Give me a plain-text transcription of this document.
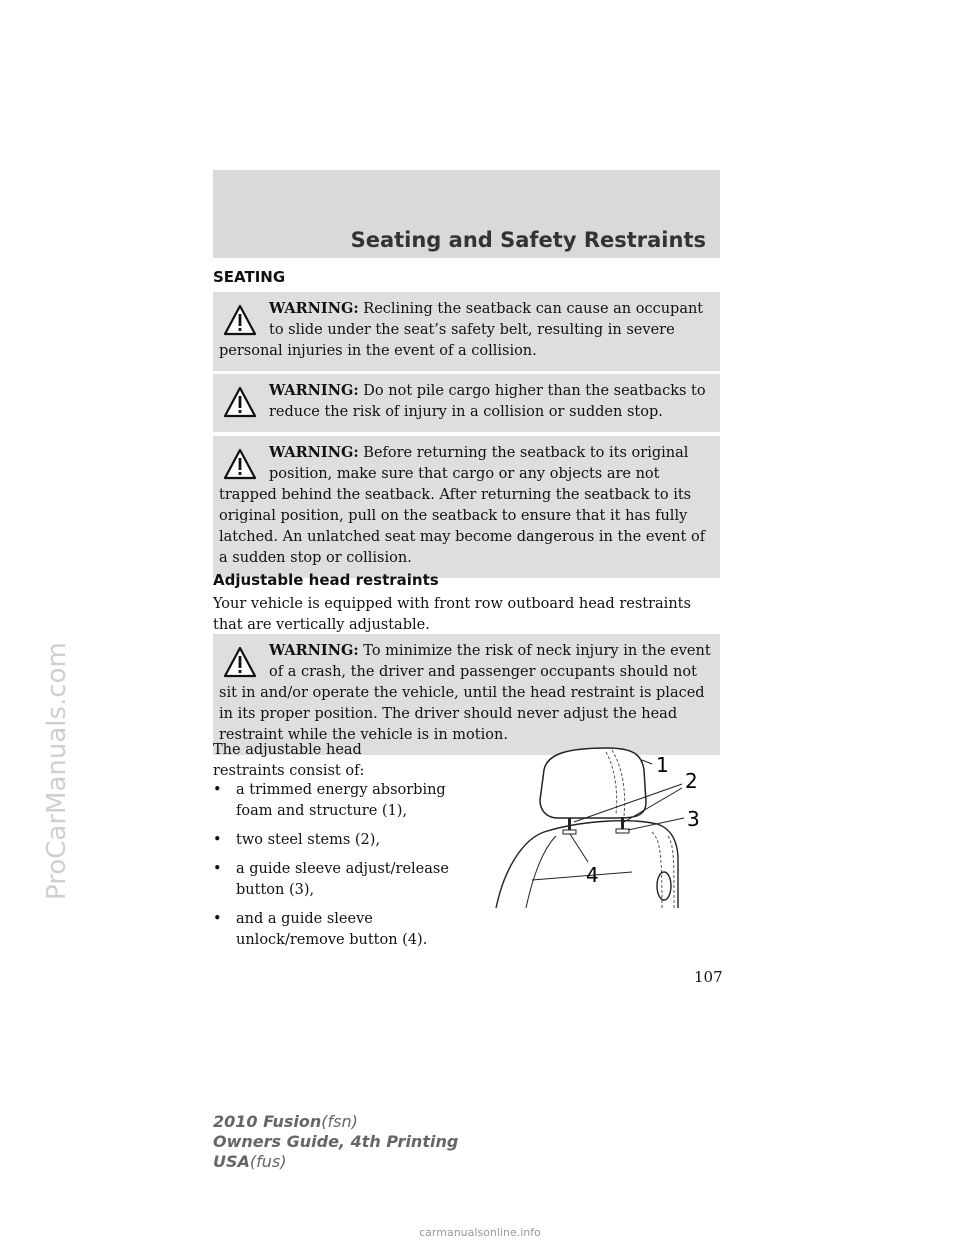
Seating and Safety Restraints
SEATING
WARNING: Reclining the seatback can cause an occupant to slide under the seat’s safety belt, resulting in severe personal injuries in the event of a collision.
WARNING: Do not pile cargo higher than the seatbacks to reduce the risk of injury in a collision or sudden stop.
WARNING: Before returning the seatback to its original position, make sure that cargo or any objects are not trapped behind the seatback. After returning the seatback to its original position, pull on the seatback to ensure that it has fully latched. An unlatched seat may become dangerous in the event of a sudden stop or collision.
Adjustable head restraints

Your vehicle is equipped with front row outboard head restraints that are vertically adjustable.

WARNING: To minimize the risk of neck injury in the event of a crash, the driver and passenger occupants should not sit in and/or operate the vehicle, until the head restraint is placed in its proper position. The driver should never adjust the head restraint while the vehicle is in motion.

The adjustable head restraints consist of:

• a trimmed energy absorbing foam and structure (1),
• two steel stems (2),
• a guide sleeve adjust/release button (3),
• and a guide sleeve unlock/remove button (4).
1
2
3
4

107

2010 Fusion(fsn)
Owners Guide, 4th Printing
USA(fus)
ProCarManuals.com
carmanualsonline.info
